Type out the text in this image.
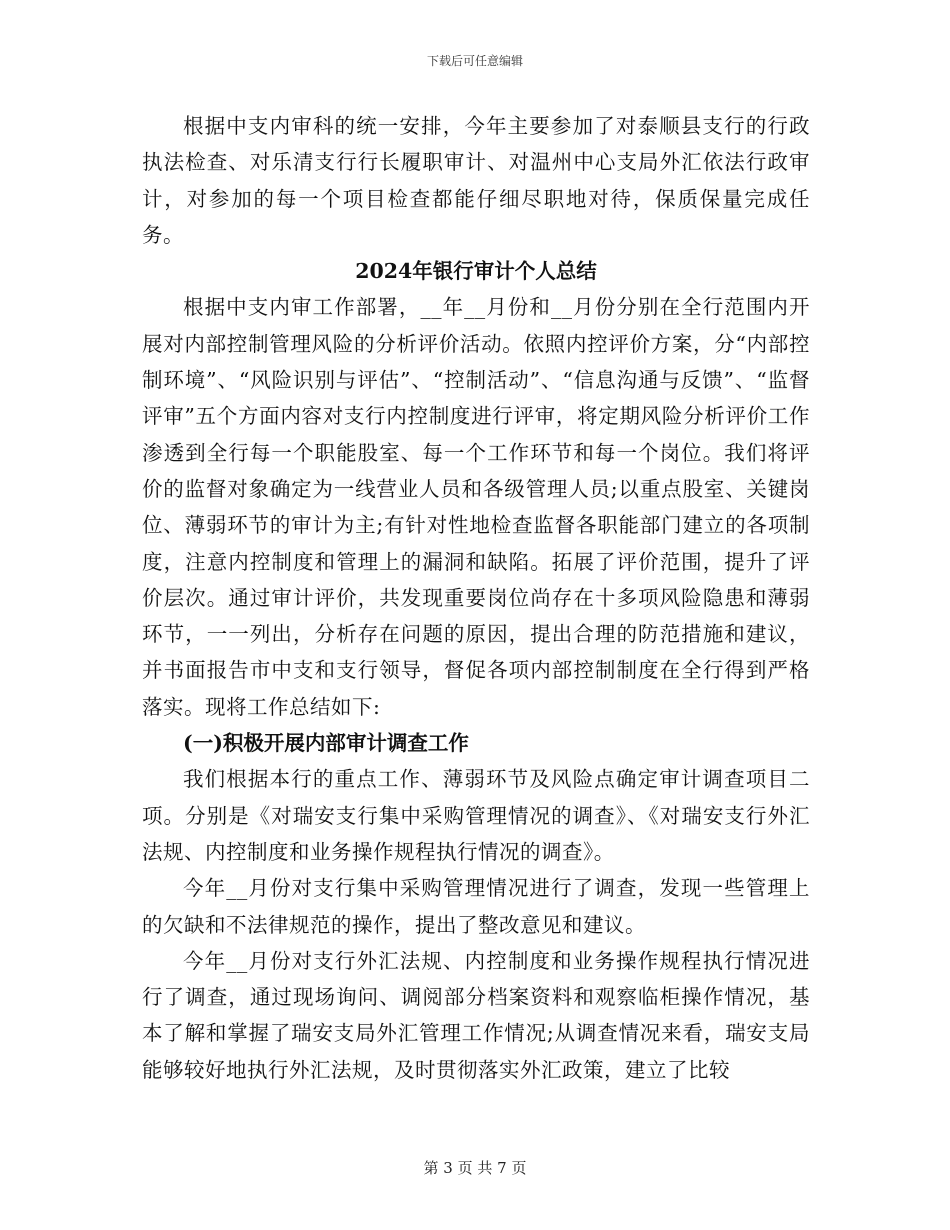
下载后可任意编辑

根据中支内审科的统一安排，今年主要参加了对泰顺县支行的行政执法检查、对乐清支行行长履职审计、对温州中心支局外汇依法行政审计，对参加的每一个项目检查都能仔细尽职地对待，保质保量完成任务。

2024年银行审计个人总结

根据中支内审工作部署，__年__月份和__月份分别在全行范围内开展对内部控制管理风险的分析评价活动。依照内控评价方案，分“内部控制环境”、“风险识别与评估”、“控制活动”、“信息沟通与反馈”、“监督评审”五个方面内容对支行内控制度进行评审，将定期风险分析评价工作渗透到全行每一个职能股室、每一个工作环节和每一个岗位。我们将评价的监督对象确定为一线营业人员和各级管理人员;以重点股室、关键岗位、薄弱环节的审计为主;有针对性地检查监督各职能部门建立的各项制度，注意内控制度和管理上的漏洞和缺陷。拓展了评价范围，提升了评价层次。通过审计评价，共发现重要岗位尚存在十多项风险隐患和薄弱环节，一一列出，分析存在问题的原因，提出合理的防范措施和建议，并书面报告市中支和支行领导，督促各项内部控制制度在全行得到严格落实。现将工作总结如下:

(一)积极开展内部审计调查工作

我们根据本行的重点工作、薄弱环节及风险点确定审计调查项目二项。分别是《对瑞安支行集中采购管理情况的调查》、《对瑞安支行外汇法规、内控制度和业务操作规程执行情况的调查》。

今年__月份对支行集中采购管理情况进行了调查，发现一些管理上的欠缺和不法律规范的操作，提出了整改意见和建议。

今年__月份对支行外汇法规、内控制度和业务操作规程执行情况进行了调查，通过现场询问、调阅部分档案资料和观察临柜操作情况，基本了解和掌握了瑞安支局外汇管理工作情况;从调查情况来看，瑞安支局能够较好地执行外汇法规，及时贯彻落实外汇政策，建立了比较

第 3 页 共 7 页
